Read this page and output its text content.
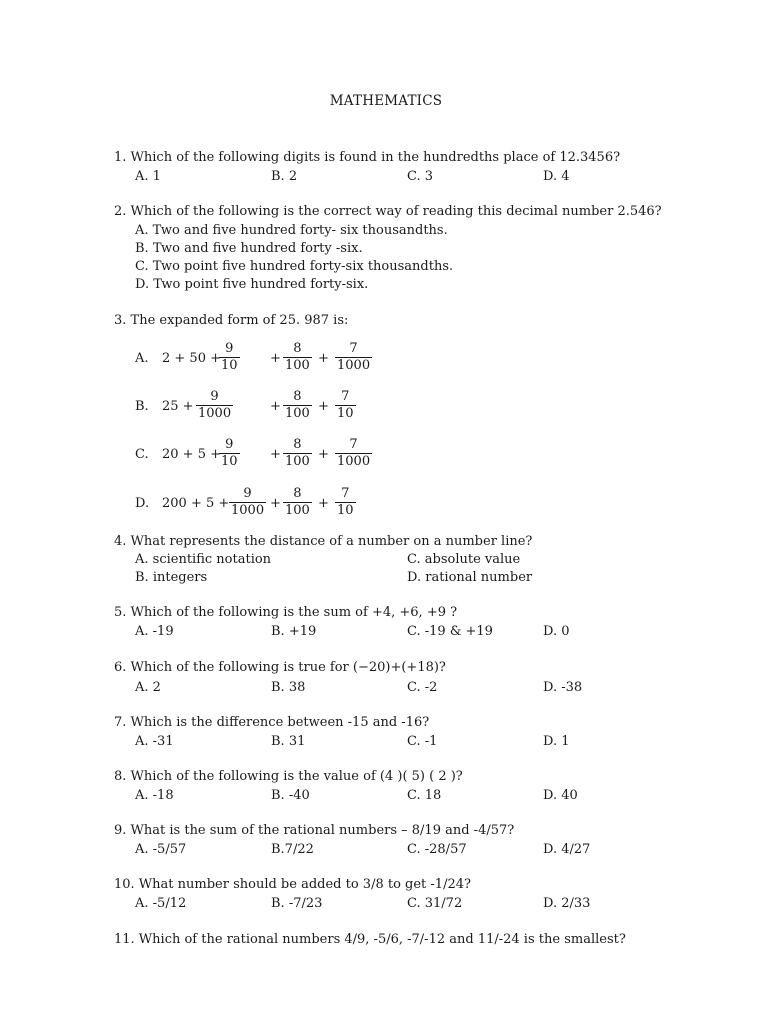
MATHEMATICS
1. Which of the following digits is found in the hundredths place of 12.3456?
A. 1	B. 2	C. 3	D. 4
2. Which of the following is the correct way of reading this decimal number 2.546?
A. Two and five hundred forty- six thousandths.
B. Two and five hundred forty -six.
C. Two point five hundred forty-six thousandths.
D. Two point five hundred forty-six.
3. The expanded form of 25. 987 is:
A. 2 + 50 +
$\frac{9}{10} + \frac{8}{100} + \frac{7}{1000}$
B. $25 + \frac{9}{1000}$	+ $\frac{8}{100} + \frac{7}{10}$
C. 20 + 5 +
$\frac{9}{10} + \frac{8}{100} + \frac{7}{1000}$
D. $200 + 5 + \frac{9}{1000} + \frac{8}{100} + \frac{7}{10}$
4. What represents the distance of a number on a number line?
A. scientific notation	C. absolute value
B. integers	D. rational number
5. Which of the following is the sum of +4, +6, +9 ?
A. -19	B. +19	C. -19 & +19	D. 0
6. Which of the following is true for (−20)+(+18)?
A. 2	B. 38	C. -2	D. -38
7. Which is the difference between -15 and -16?
A. -31	B. 31	C. -1	D. 1
8. Which of the following is the value of (4 )( 5) ( 2 )?
A. -18	B. -40	C. 18	D. 40
9. What is the sum of the rational numbers – 8/19 and -4/57?
A. -5/57	B.7/22	C. -28/57	D. 4/27
10. What number should be added to 3/8 to get -1/24?
A. -5/12	B. -7/23	C. 31/72	D. 2/33
11. Which of the rational numbers 4/9, -5/6, -7/-12 and 11/-24 is the smallest?
